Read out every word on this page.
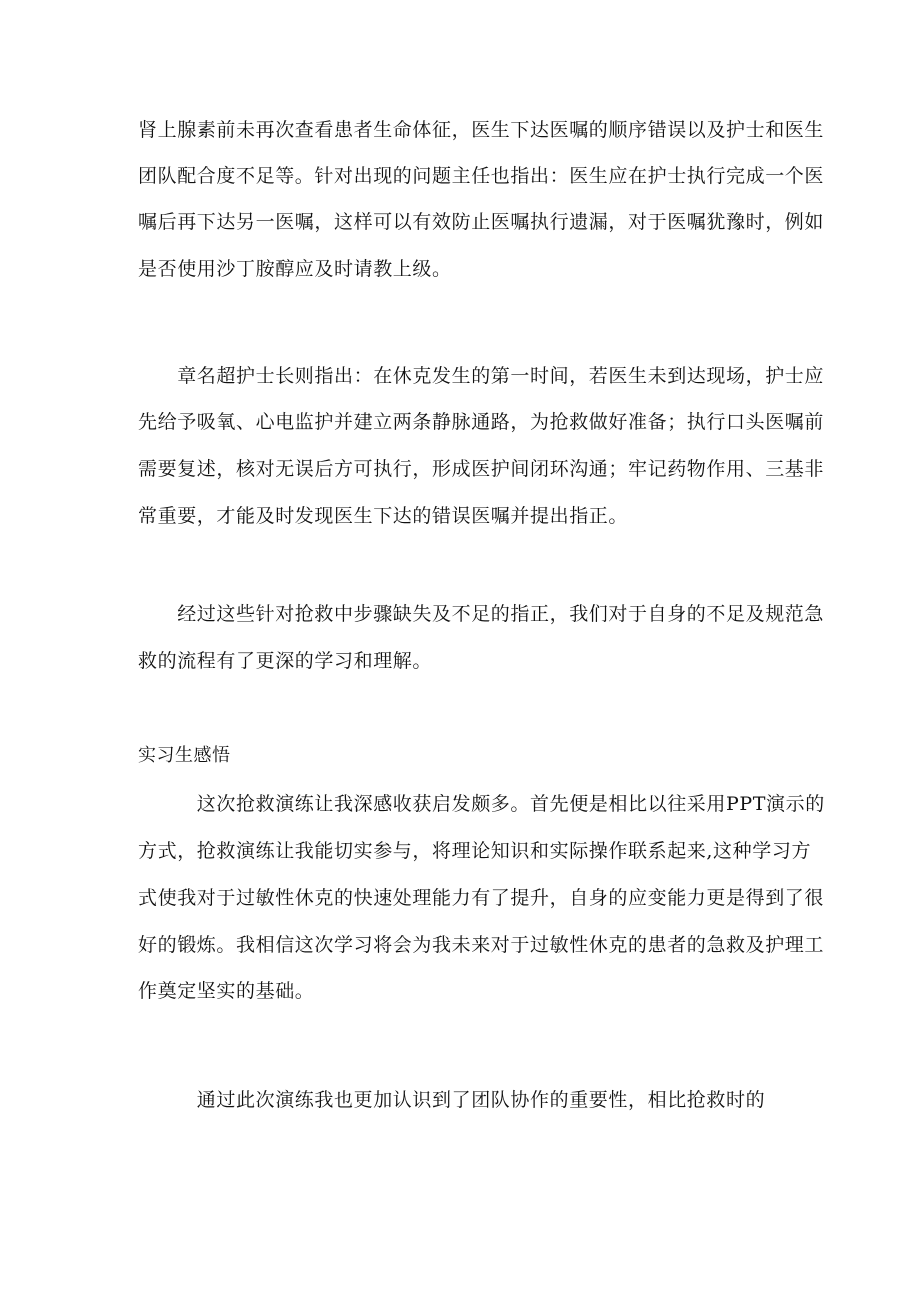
肾上腺素前未再次查看患者生命体征，医生下达医嘱的顺序错误以及护士和医生
团队配合度不足等。针对出现的问题主任也指出：医生应在护士执行完成一个医
嘱后再下达另一医嘱，这样可以有效防止医嘱执行遗漏，对于医嘱犹豫时，例如
是否使用沙丁胺醇应及时请教上级。
　　章名超护士长则指出：在休克发生的第一时间，若医生未到达现场，护士应
先给予吸氧、心电监护并建立两条静脉通路，为抢救做好准备；执行口头医嘱前
需要复述，核对无误后方可执行，形成医护间闭环沟通；牢记药物作用、三基非
常重要，才能及时发现医生下达的错误医嘱并提出指正。
　　经过这些针对抢救中步骤缺失及不足的指正，我们对于自身的不足及规范急
救的流程有了更深的学习和理解。
实习生感悟
　　　这次抢救演练让我深感收获启发颇多。首先便是相比以往采用PPT演示的
方式，抢救演练让我能切实参与，将理论知识和实际操作联系起来,这种学习方
式使我对于过敏性休克的快速处理能力有了提升，自身的应变能力更是得到了很
好的锻炼。我相信这次学习将会为我未来对于过敏性休克的患者的急救及护理工
作奠定坚实的基础。
　　　通过此次演练我也更加认识到了团队协作的重要性，相比抢救时的
